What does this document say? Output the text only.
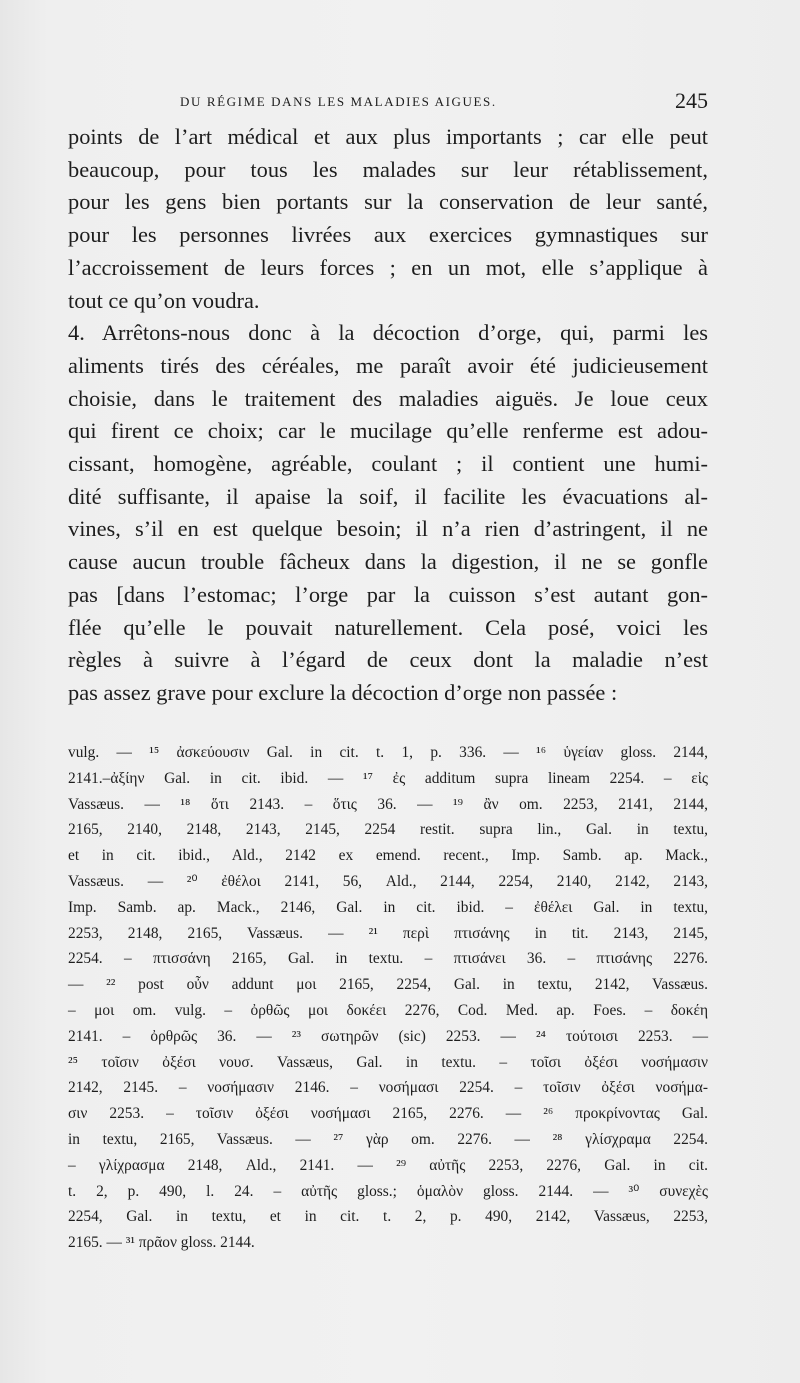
DU RÉGIME DANS LES MALADIES AIGUES.	245
points de l’art médical et aux plus importants ; car elle peut
beaucoup, pour tous les malades sur leur rétablissement,
pour les gens bien portants sur la conservation de leur santé,
pour les personnes livrées aux exercices gymnastiques sur
l’accroissement de leurs forces ; en un mot, elle s’applique à
tout ce qu’on voudra.
4. Arrêtons-nous donc à la décoction d’orge, qui, parmi les
aliments tirés des céréales, me paraît avoir été judicieusement
choisie, dans le traitement des maladies aiguës. Je loue ceux
qui firent ce choix; car le mucilage qu’elle renferme est adou-
cissant, homogène, agréable, coulant ; il contient une humi-
dité suffisante, il apaise la soif, il facilite les évacuations al-
vines, s’il en est quelque besoin; il n’a rien d’astringent, il ne
cause aucun trouble fâcheux dans la digestion, il ne se gonfle
pas [dans l’estomac; l’orge par la cuisson s’est autant gon-
flée qu’elle le pouvait naturellement. Cela posé, voici les
règles à suivre à l’égard de ceux dont la maladie n’est
pas assez grave pour exclure la décoction d’orge non passée :
vulg. — ¹⁵ ἀσκεύουσιν Gal. in cit. t. 1, p. 336. — ¹⁶ ὑγείαν gloss. 2144,
2141.–ἀξίην Gal. in cit. ibid. — ¹⁷ ἐς additum supra lineam 2254. – εἰς
Vassæus. — ¹⁸ ὅτι 2143. – ὅτις 36. — ¹⁹ ἂν om. 2253, 2141, 2144,
2165, 2140, 2148, 2143, 2145, 2254 restit. supra lin., Gal. in textu,
et in cit. ibid., Ald., 2142 ex emend. recent., Imp. Samb. ap. Mack.,
Vassæus. — ²⁰ ἐθέλοι 2141, 56, Ald., 2144, 2254, 2140, 2142, 2143,
Imp. Samb. ap. Mack., 2146, Gal. in cit. ibid. – ἐθέλει Gal. in textu,
2253, 2148, 2165, Vassæus. — ²¹ περὶ πτισάνης in tit. 2143, 2145,
2254. – πτισσάνη 2165, Gal. in textu. – πτισάνει 36. – πτισάνης 2276.
— ²² post οὖν addunt μοι 2165, 2254, Gal. in textu, 2142, Vassæus.
– μοι om. vulg. – ὀρθῶς μοι δοκέει 2276, Cod. Med. ap. Foes. – δοκέη
2141. – ὀρθρῶς 36. — ²³ σωτηρῶν (sic) 2253. — ²⁴ τούτοισι 2253. —
²⁵ τοῖσιν ὀξέσι νουσ. Vassæus, Gal. in textu. – τοῖσι ὀξέσι νοσήμασιν
2142, 2145. – νοσήμασιν 2146. – νοσήμασι 2254. – τοῖσιν ὀξέσι νοσήμα-
σιν 2253. – τοῖσιν ὀξέσι νοσήμασι 2165, 2276. — ²⁶ προκρίνοντας Gal.
in textu, 2165, Vassæus. — ²⁷ γὰρ om. 2276. — ²⁸ γλίσχραμα 2254.
– γλίχρασμα 2148, Ald., 2141. — ²⁹ αὐτῆς 2253, 2276, Gal. in cit.
t. 2, p. 490, l. 24. – αὐτῆς gloss.; ὁμαλὸν gloss. 2144. — ³⁰ συνεχὲς
2254, Gal. in textu, et in cit. t. 2, p. 490, 2142, Vassæus, 2253,
2165. — ³¹ πρᾶον gloss. 2144.
